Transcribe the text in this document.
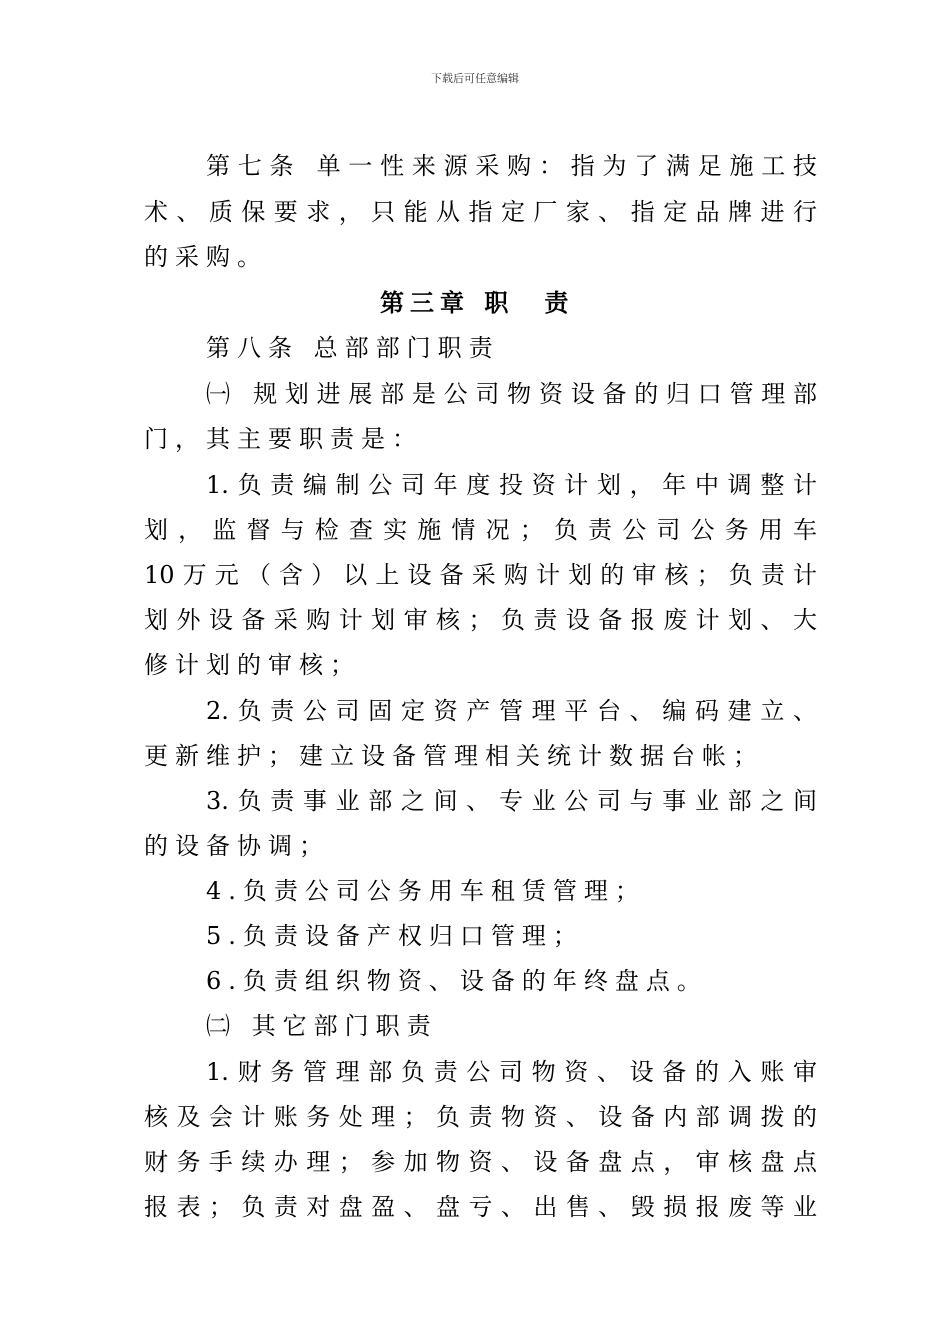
下载后可任意编辑
第七条 单一性来源采购：指为了满足施工技
术、质保要求，只能从指定厂家、指定品牌进行
的采购。
第三章 职　责
第八条 总部部门职责
㈠ 规划进展部是公司物资设备的归口管理部
门，其主要职责是：
1.负责编制公司年度投资计划，年中调整计
划，监督与检查实施情况；负责公司公务用车
10万元（含）以上设备采购计划的审核；负责计
划外设备采购计划审核；负责设备报废计划、大
修计划的审核；
2.负责公司固定资产管理平台、编码建立、
更新维护；建立设备管理相关统计数据台帐；
3.负责事业部之间、专业公司与事业部之间
的设备协调；
4.负责公司公务用车租赁管理；
5.负责设备产权归口管理；
6.负责组织物资、设备的年终盘点。
㈡ 其它部门职责
1.财务管理部负责公司物资、设备的入账审
核及会计账务处理；负责物资、设备内部调拨的
财务手续办理；参加物资、设备盘点，审核盘点
报表；负责对盘盈、盘亏、出售、毁损报废等业
